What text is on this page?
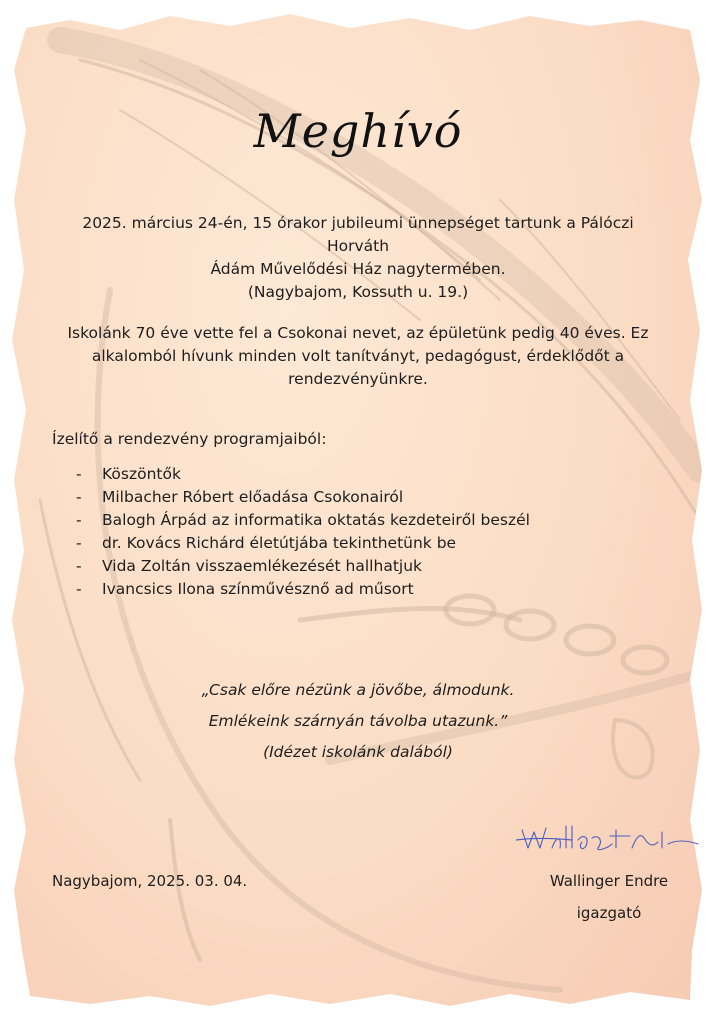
Meghívó
2025. március 24-én, 15 órakor jubileumi ünnepséget tartunk a Pálóczi Horváth
Ádám Művelődési Ház nagytermében.
(Nagybajom, Kossuth u. 19.)
Iskolánk 70 éve vette fel a Csokonai nevet, az épületünk pedig 40 éves. Ez
alkalomból hívunk minden volt tanítványt, pedagógust, érdeklődőt a
rendezvényünkre.
Ízelítő a rendezvény programjaiból:
- Köszöntők
- Milbacher Róbert előadása Csokonairól
- Balogh Árpád az informatika oktatás kezdeteiről beszél
- dr. Kovács Richárd életútjába tekinthetünk be
- Vida Zoltán visszaemlékezését hallhatjuk
- Ivancsics Ilona színművésznő ad műsort
„Csak előre nézünk a jövőbe, álmodunk.
Emlékeink szárnyán távolba utazunk.”
(Idézet iskolánk dalából)
Nagybajom, 2025. 03. 04.	Wallinger Endre
igazgató
